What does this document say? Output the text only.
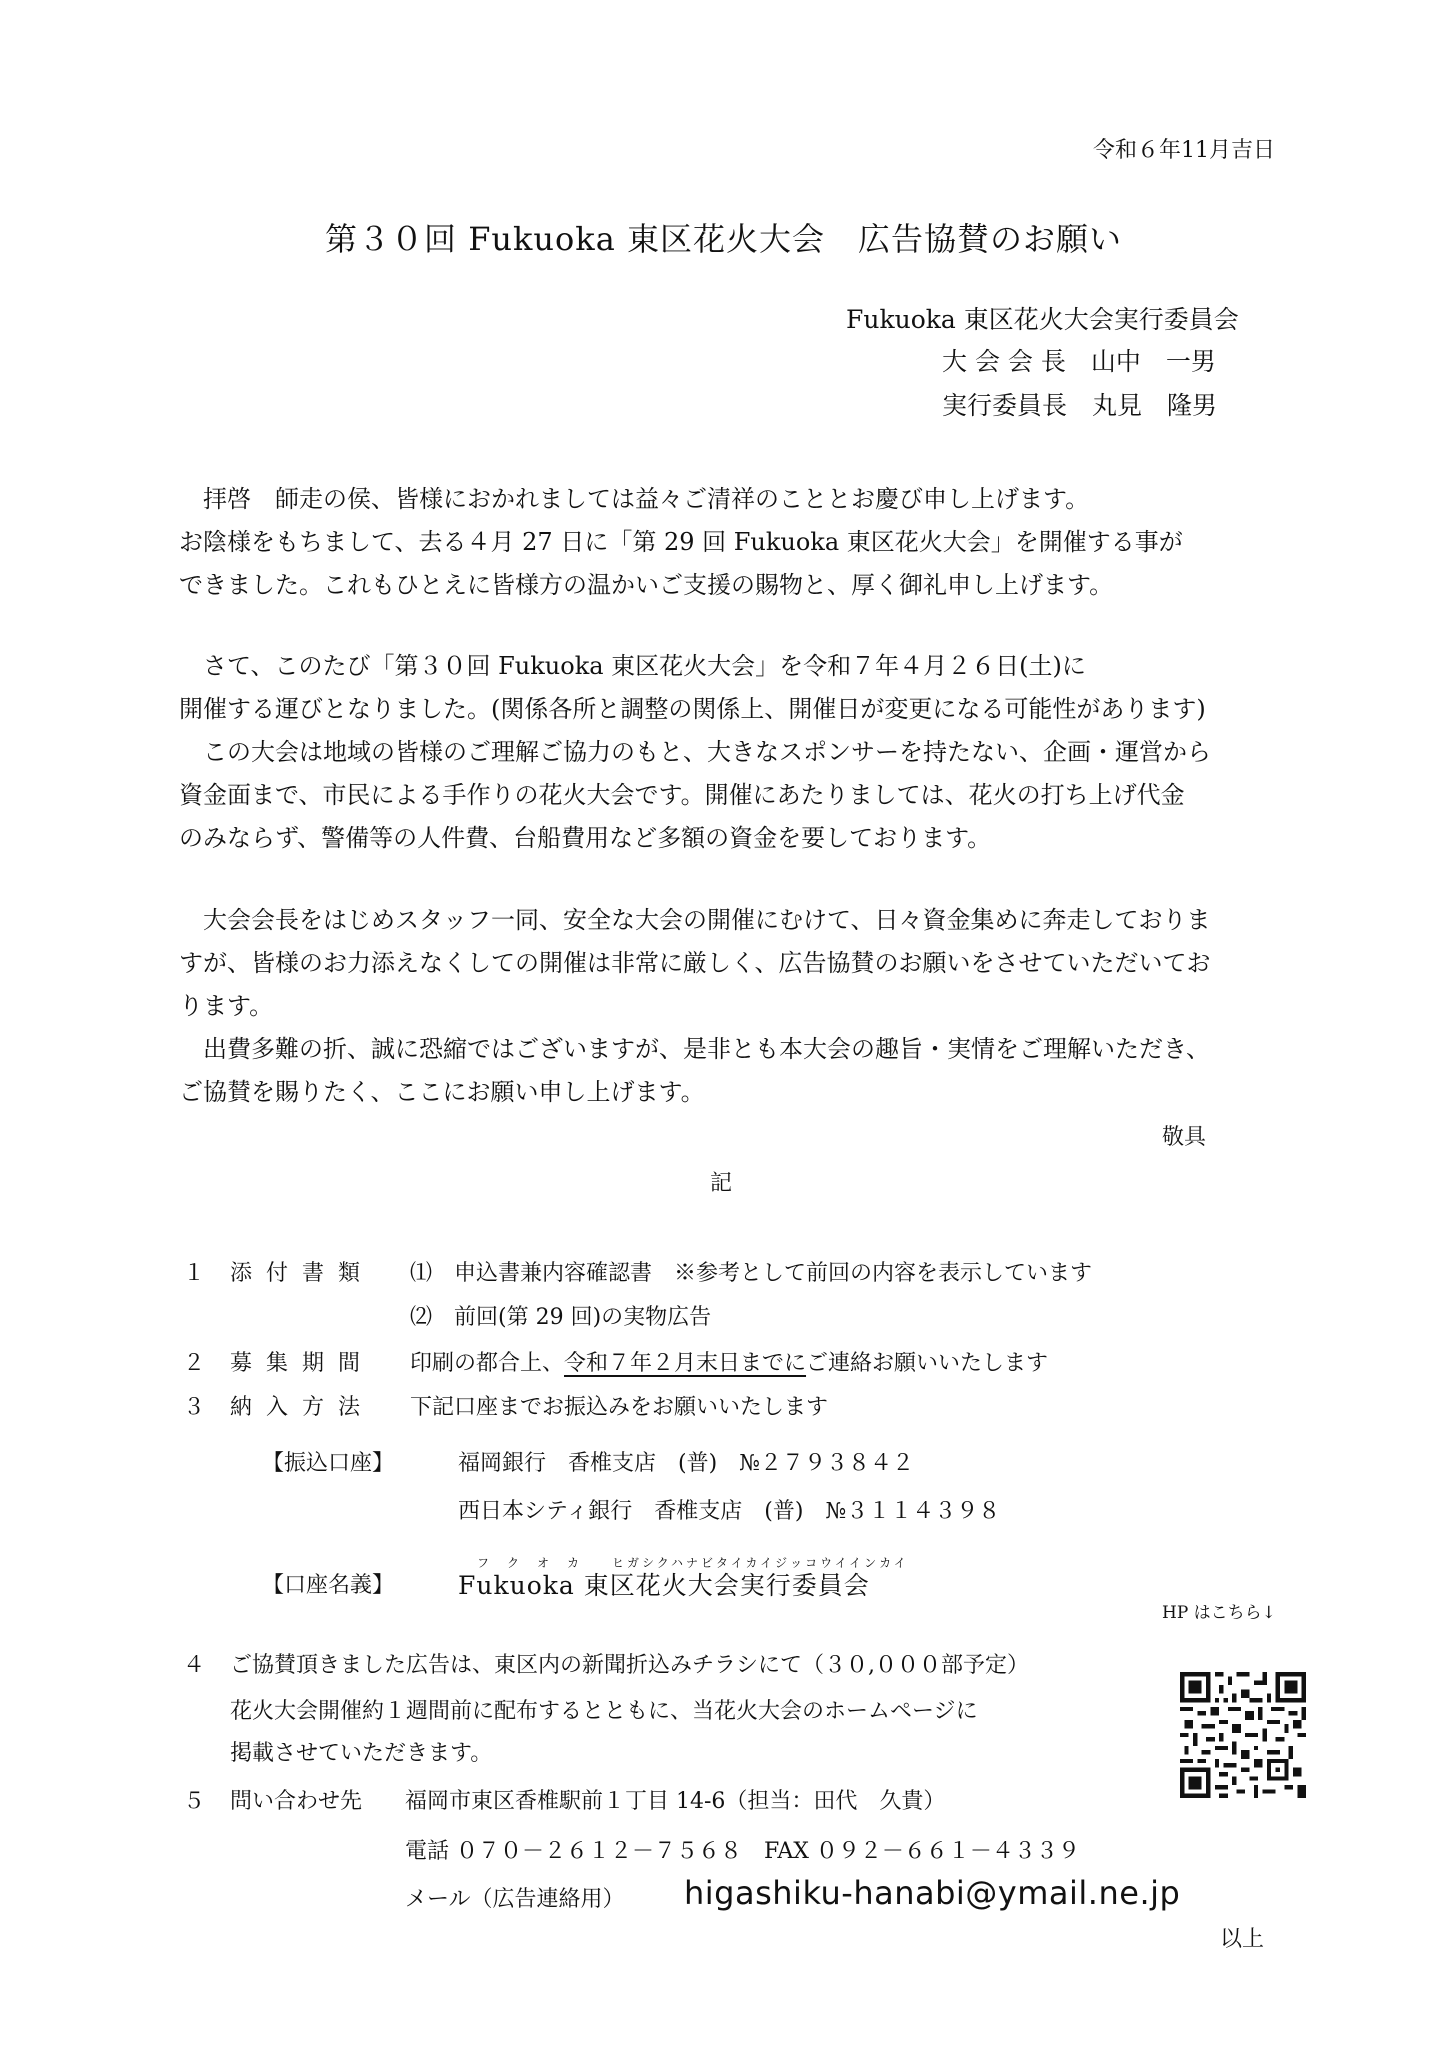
令和６年11月吉日
第３０回 Fukuoka 東区花火大会　広告協賛のお願い
Fukuoka 東区花火大会実行委員会
大 会 会 長　山中　一男
実行委員長　丸見　隆男

拝啓　師走の侯、皆様におかれましては益々ご清祥のこととお慶び申し上げます。

お陰様をもちまして、去る４月 27 日に「第 29 回 Fukuoka 東区花火大会」を開催する事が

できました。これもひとえに皆様方の温かいご支援の賜物と、厚く御礼申し上げます。

さて、このたび「第３０回 Fukuoka 東区花火大会」を令和７年４月２６日(土)に

開催する運びとなりました。(関係各所と調整の関係上、開催日が変更になる可能性があります)

この大会は地域の皆様のご理解ご協力のもと、大きなスポンサーを持たない、企画・運営から

資金面まで、市民による手作りの花火大会です。開催にあたりましては、花火の打ち上げ代金

のみならず、警備等の人件費、台船費用など多額の資金を要しております。

大会会長をはじめスタッフ一同、安全な大会の開催にむけて、日々資金集めに奔走しておりま

すが、皆様のお力添えなくしての開催は非常に厳しく、広告協賛のお願いをさせていただいてお

ります。

出費多難の折、誠に恐縮ではございますが、是非とも本大会の趣旨・実情をご理解いただき、

ご協賛を賜りたく、ここにお願い申し上げます。

敬具
記
１ 添付書類 ⑴　申込書兼内容確認書　※参考として前回の内容を表示しています
⑵　前回(第 29 回)の実物広告
２ 募集期間 印刷の都合上、令和７年２月末日までにご連絡お願いいたします
３ 納入方法 下記口座までお振込みをお願いいたします
【振込口座】	福岡銀行　香椎支店　(普)　№２７９３８４２
西日本シティ銀行　香椎支店　(普)　№３１１４３９８
フ　ク　オ　カ　　ヒガシクハナビタイカイジッコウイインカイ
【口座名義】	Fukuoka 東区花火大会実行委員会
HP はこちら↓
４ ご協賛頂きました広告は、東区内の新聞折込みチラシにて（３０,０００部予定）
花火大会開催約１週間前に配布するとともに、当花火大会のホームページに
掲載させていただきます。
５ 問い合わせ先 福岡市東区香椎駅前１丁目 14-6（担当：田代　久貴）
電話 ０７０－２６１２－７５６８　FAX ０９２－６６１－４３３９
メール（広告連絡用） higashiku-hanabi@ymail.ne.jp
以上
